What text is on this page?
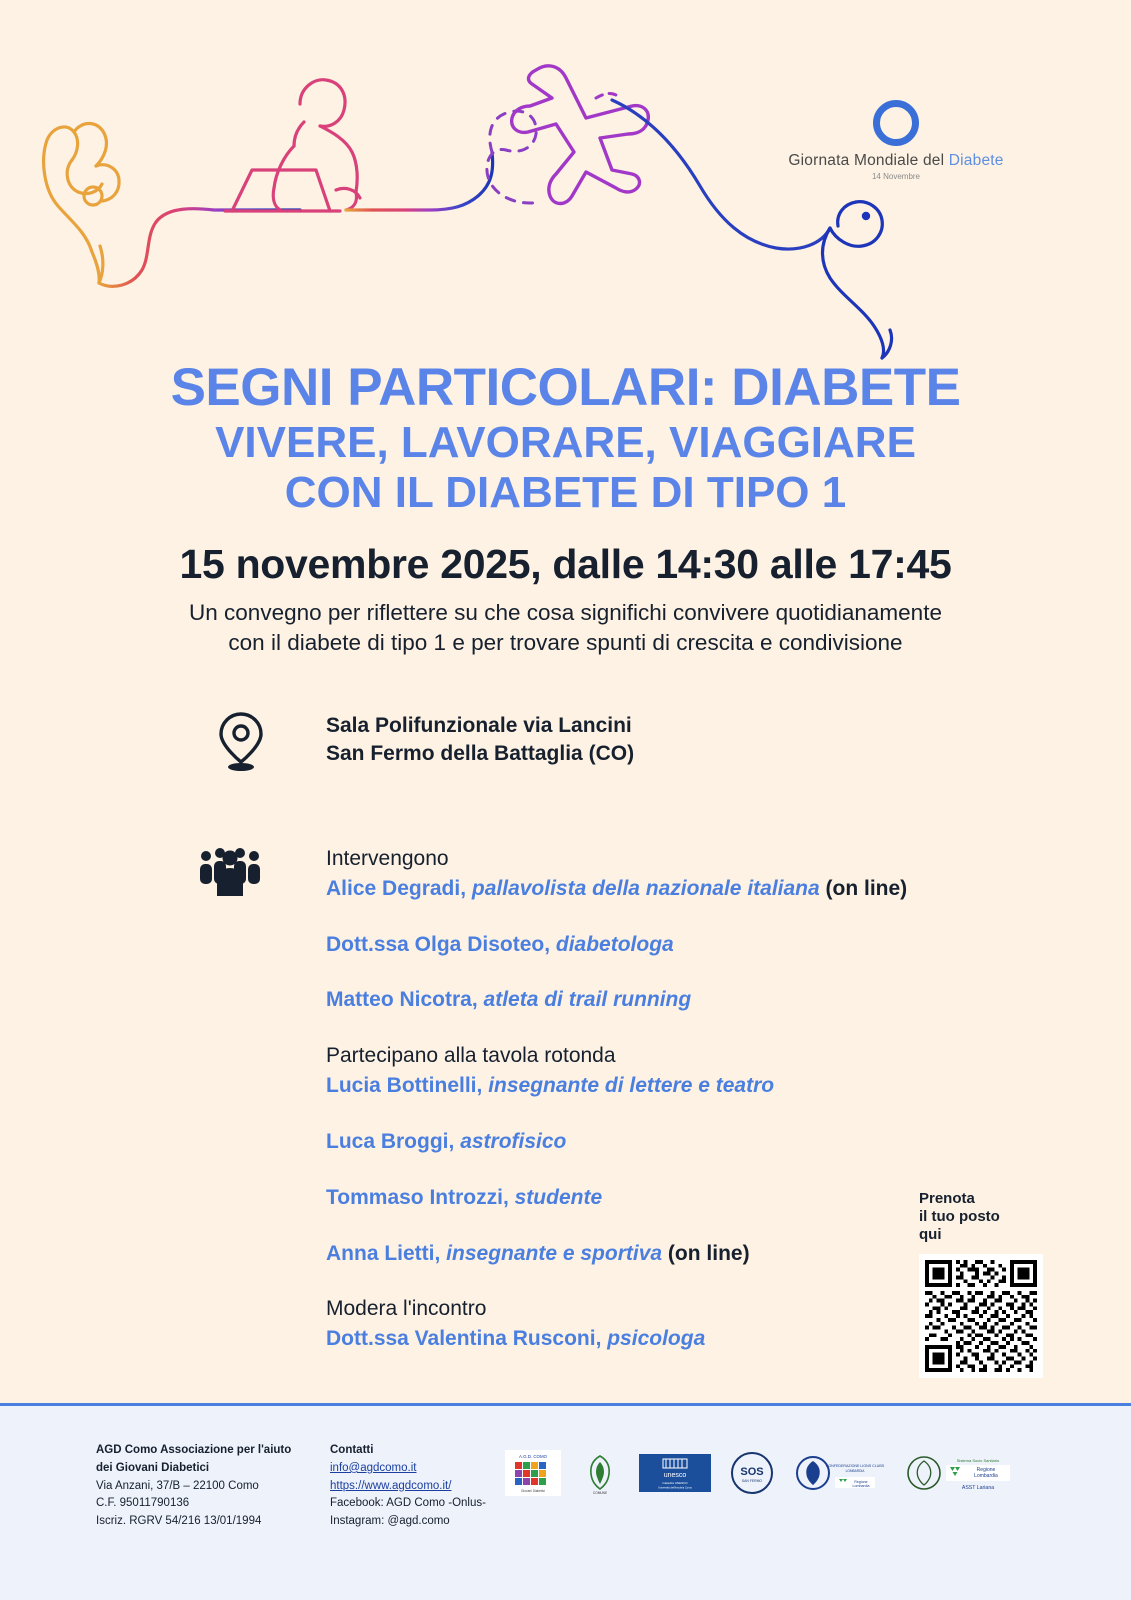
Giornata Mondiale del Diabete
14 Novembre
SEGNI PARTICOLARI: DIABETE
VIVERE, LAVORARE, VIAGGIARE
CON IL DIABETE DI TIPO 1
15 novembre 2025, dalle 14:30 alle 17:45
Un convegno per riflettere su che cosa significhi convivere quotidianamente
con il diabete di tipo 1 e per trovare spunti di crescita e condivisione
Sala Polifunzionale via Lancini
San Fermo della Battaglia (CO)
Intervengono
Alice Degradi, pallavolista della nazionale italiana (on line)
Dott.ssa Olga Disoteo, diabetologa
Matteo Nicotra, atleta di trail running
Partecipano alla tavola rotonda
Lucia Bottinelli, insegnante di lettere e teatro
Luca Broggi, astrofisico
Tommaso Introzzi, studente
Anna Lietti, insegnante e sportiva (on line)
Modera l'incontro
Dott.ssa Valentina Rusconi, psicologa
Prenota
il tuo posto
qui
AGD Como Associazione per l'aiuto
dei Giovani Diabetici
Via Anzani, 37/B – 22100 Como
C.F. 95011790136
Iscriz. RGRV 54/216 13/01/1994
Contatti
info@agdcomo.it
https://www.agdcomo.it/
Facebook: AGD Como -Onlus-
Instagram: @agd.como
A.G.D. COMO
Giovani Diabetici	COMUNE
unesco
Cattedra UNESCO
Università dell'Insubria Como
SOS
SAN FERMO
CONFEDERAZIONE LIONS CLUBS
LOMBARDIA
Regione
Lombardia
Sistema Socio Sanitario
Regione
Lombardia
ASST Lariana
